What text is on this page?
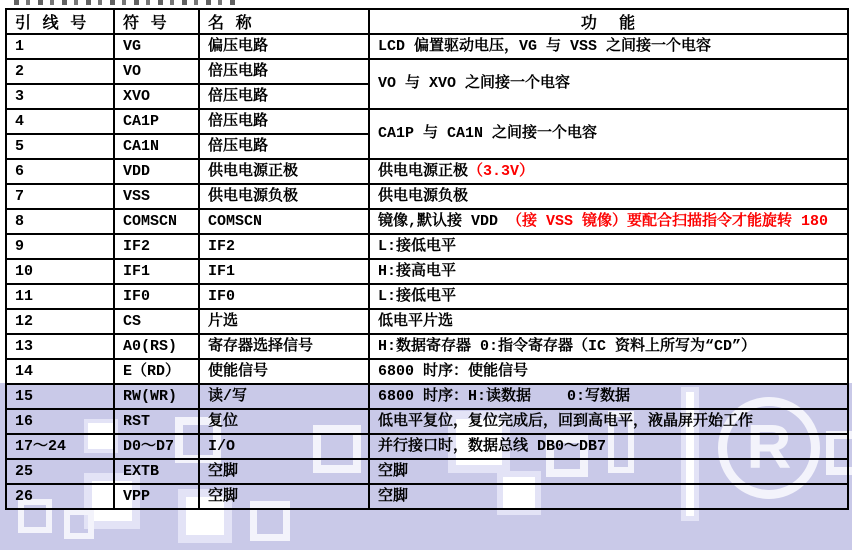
R
引 线 号	符 号	名 称	功  能
1	VG	偏压电路	LCD 偏置驱动电压，VG 与 VSS 之间接一个电容
2	VO	倍压电路	VO 与 XVO 之间接一个电容
3	XVO	倍压电路	
4	CA1P	倍压电路	CA1P 与 CA1N 之间接一个电容
5	CA1N	倍压电路	
6	VDD	供电电源正极	供电电源正极（3.3V）
7	VSS	供电电源负极	供电电源负极
8	COMSCN	COMSCN	镜像,默认接 VDD （接 VSS 镜像）要配合扫描指令才能旋转 180
9	IF2	IF2	L:接低电平
10	IF1	IF1	H:接高电平
11	IF0	IF0	L:接低电平
12	CS	片选	低电平片选
13	A0(RS)	寄存器选择信号	H:数据寄存器 0:指令寄存器（IC 资料上所写为“CD”）
14	E（RD）	使能信号	6800 时序：使能信号
15	RW(WR)	读/写	6800 时序：H:读数据    0:写数据
16	RST	复位	低电平复位，复位完成后，回到高电平，液晶屏开始工作
17～24	D0～D7	I/O	并行接口时，数据总线 DB0～DB7
25	EXTB	空脚	空脚
26	VPP	空脚	空脚
